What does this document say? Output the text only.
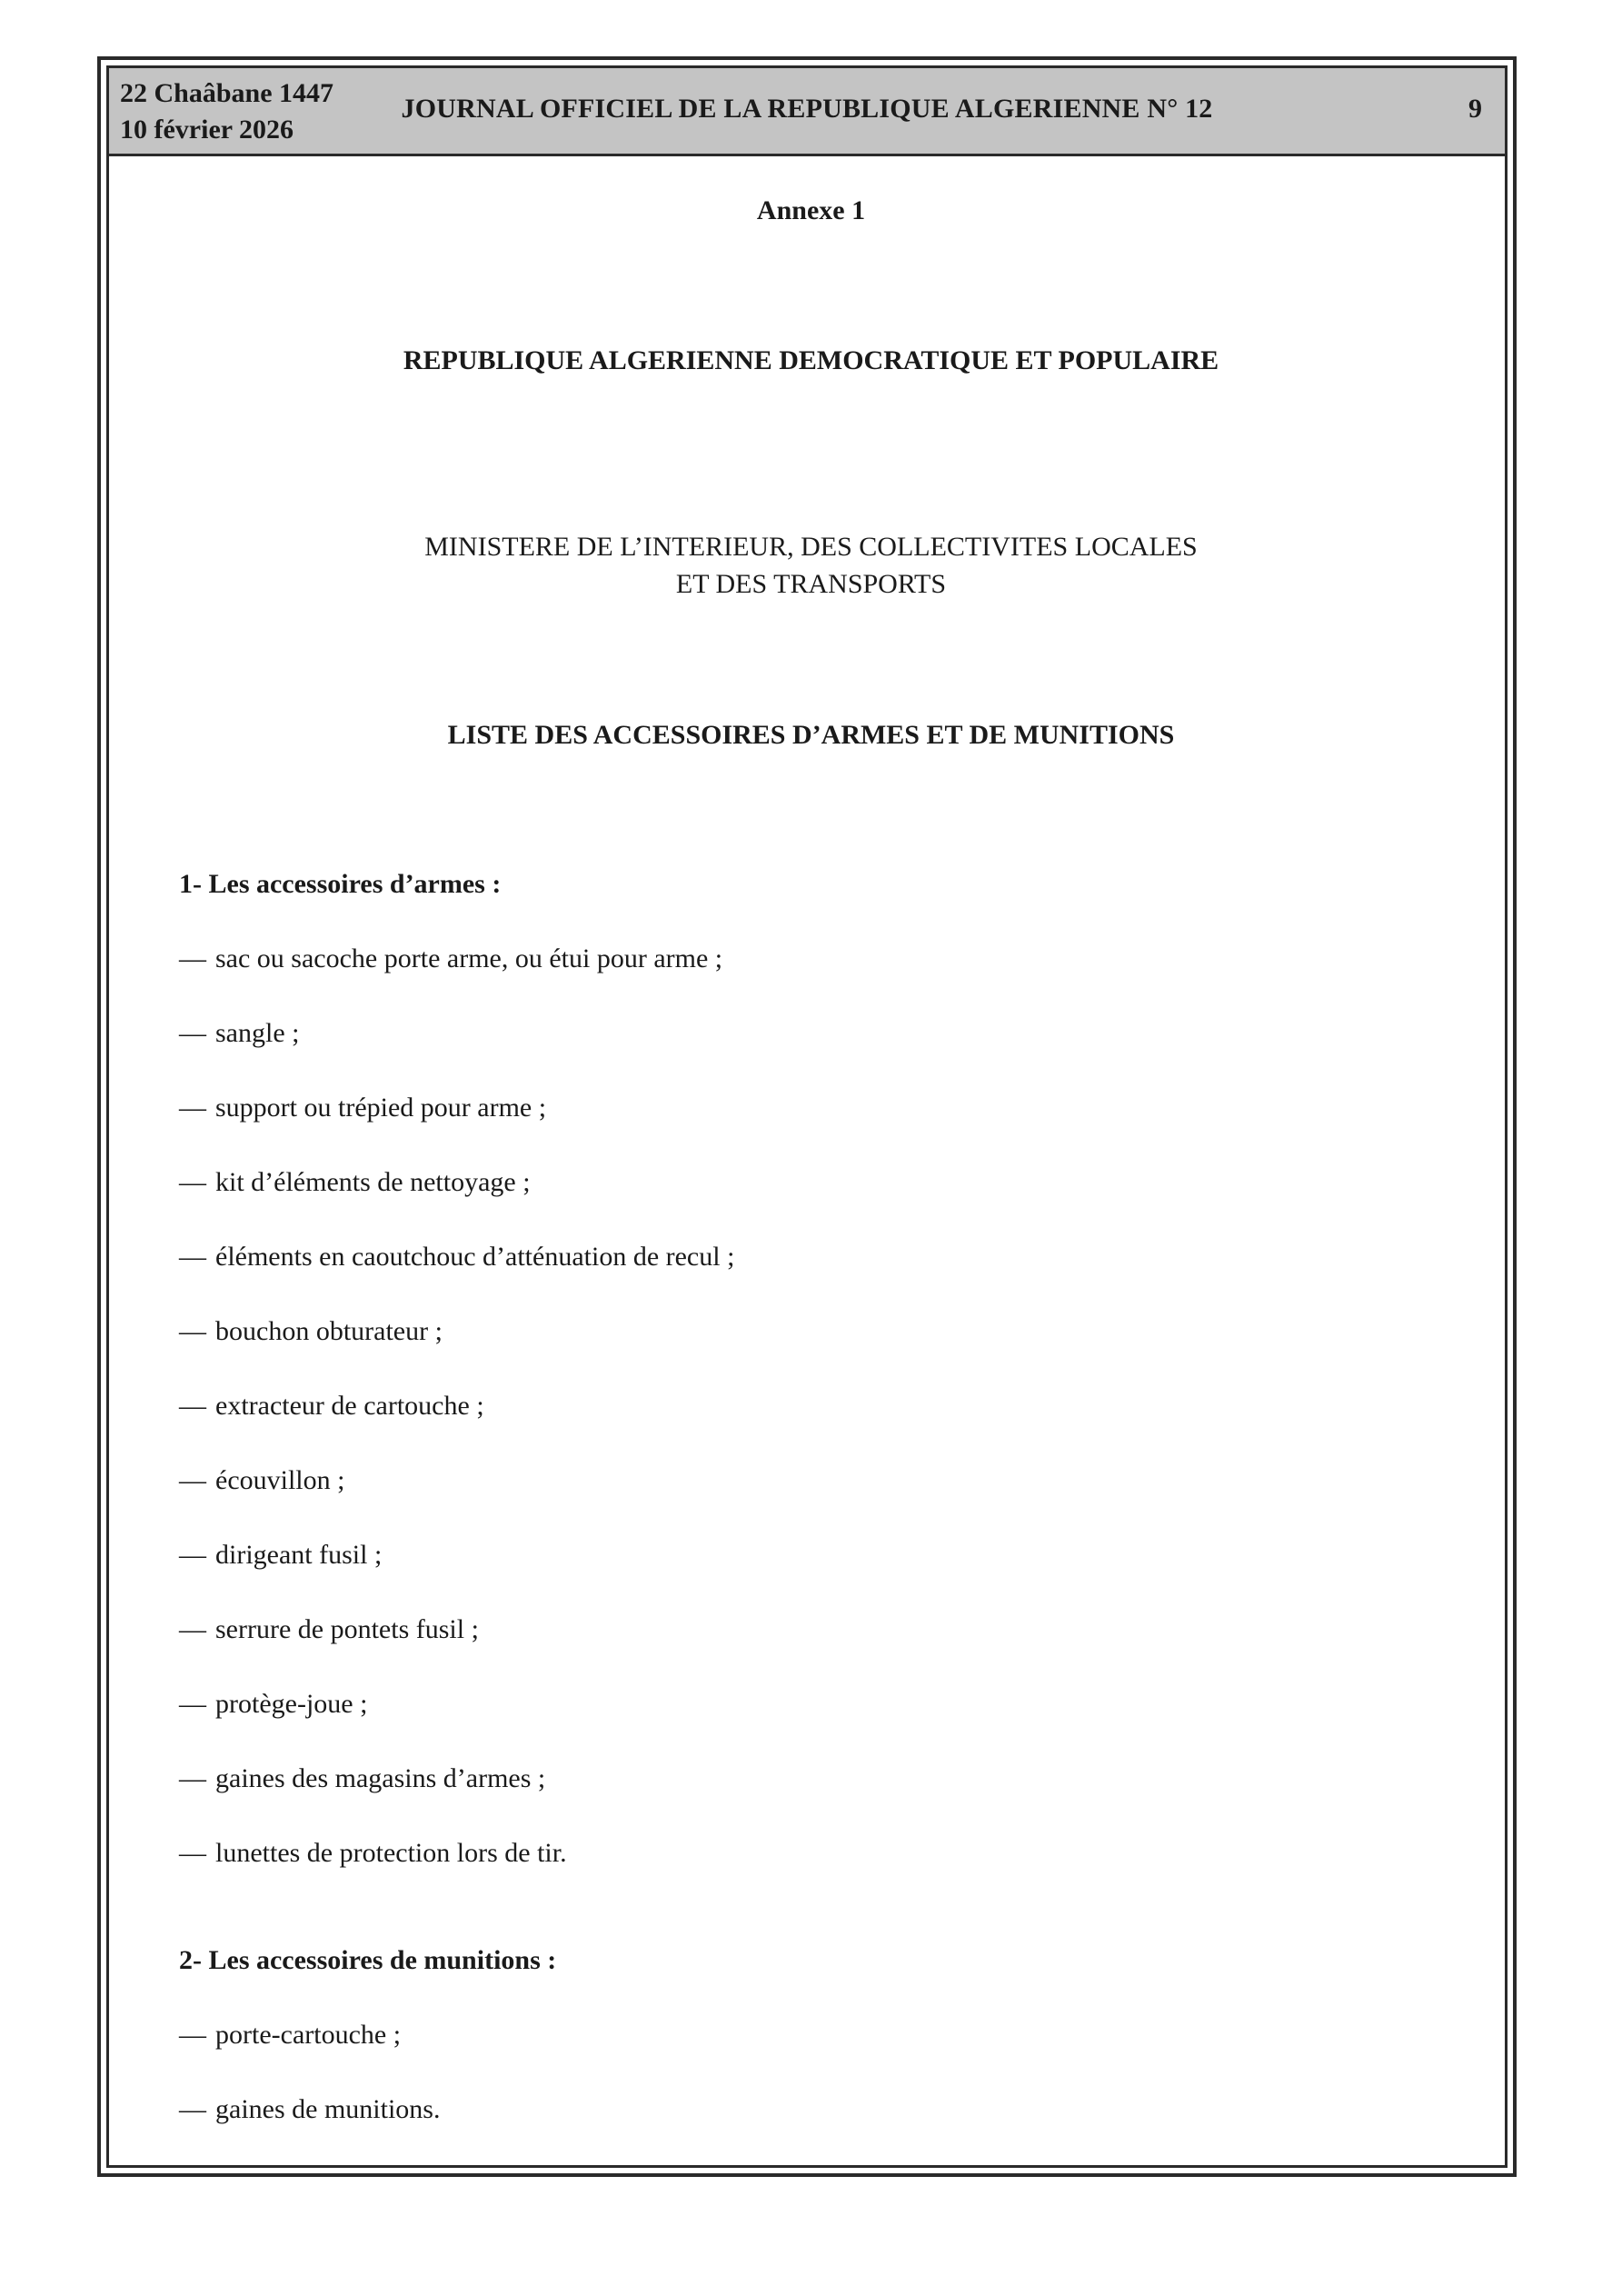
22 Chaâbane 1447
10 février 2026
JOURNAL OFFICIEL DE LA REPUBLIQUE ALGERIENNE N° 12	9
Annexe 1
REPUBLIQUE ALGERIENNE DEMOCRATIQUE ET POPULAIRE
MINISTERE DE L’INTERIEUR, DES COLLECTIVITES LOCALES
ET DES TRANSPORTS
LISTE DES ACCESSOIRES D’ARMES ET DE MUNITIONS
1- Les accessoires d’armes :
— sac ou sacoche porte arme, ou étui pour arme ;
— sangle ;
— support ou trépied pour arme ;
— kit d’éléments de nettoyage ;
— éléments en caoutchouc d’atténuation de recul ;
— bouchon obturateur ;
— extracteur de cartouche ;
— écouvillon ;
— dirigeant fusil ;
— serrure de pontets fusil ;
— protège-joue ;
— gaines des magasins d’armes ;
— lunettes de protection lors de tir.
2- Les accessoires de munitions :
— porte-cartouche ;
— gaines de munitions.
